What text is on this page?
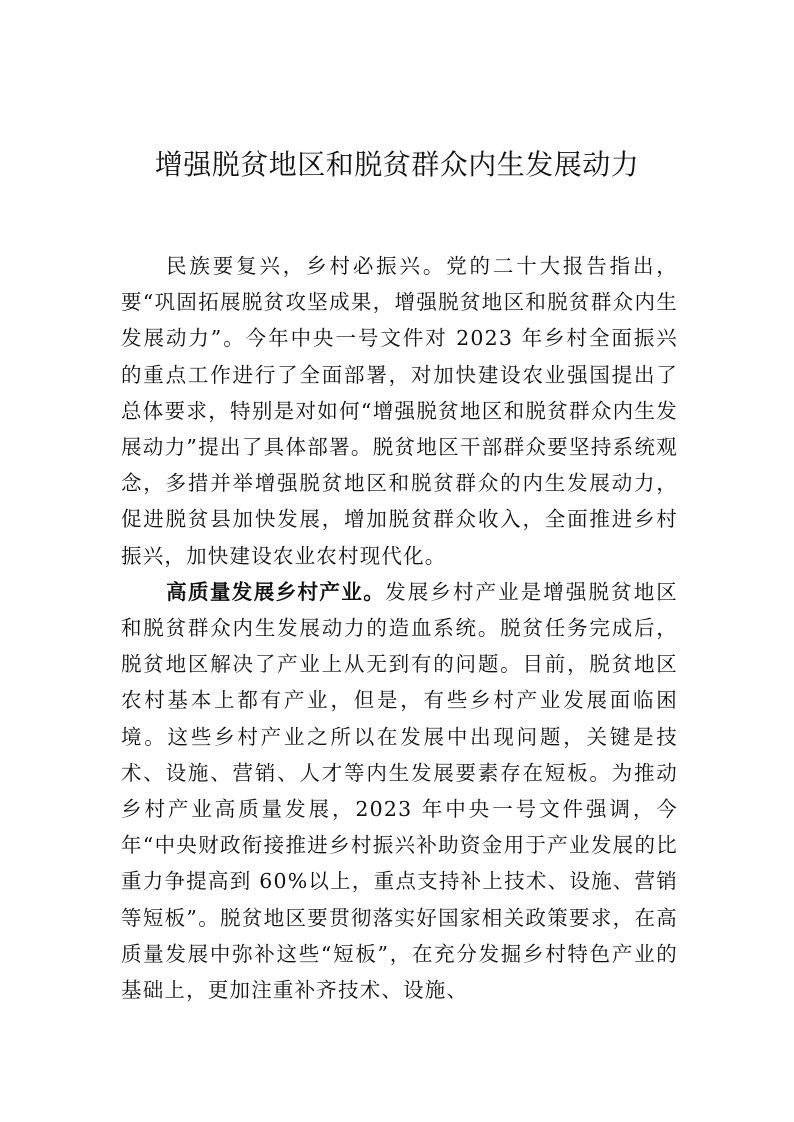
增强脱贫地区和脱贫群众内生发展动力

民族要复兴，乡村必振兴。党的二十大报告指出，要“巩固拓展脱贫攻坚成果，增强脱贫地区和脱贫群众内生发展动力”。今年中央一号文件对 2023 年乡村全面振兴的重点工作进行了全面部署，对加快建设农业强国提出了总体要求，特别是对如何“增强脱贫地区和脱贫群众内生发展动力”提出了具体部署。脱贫地区干部群众要坚持系统观念，多措并举增强脱贫地区和脱贫群众的内生发展动力，促进脱贫县加快发展，增加脱贫群众收入，全面推进乡村振兴，加快建设农业农村现代化。

高质量发展乡村产业。发展乡村产业是增强脱贫地区和脱贫群众内生发展动力的造血系统。脱贫任务完成后，脱贫地区解决了产业上从无到有的问题。目前，脱贫地区农村基本上都有产业，但是，有些乡村产业发展面临困境。这些乡村产业之所以在发展中出现问题，关键是技术、设施、营销、人才等内生发展要素存在短板。为推动乡村产业高质量发展，2023 年中央一号文件强调，今年“中央财政衔接推进乡村振兴补助资金用于产业发展的比重力争提高到 60%以上，重点支持补上技术、设施、营销等短板”。脱贫地区要贯彻落实好国家相关政策要求，在高质量发展中弥补这些“短板”，在充分发掘乡村特色产业的基础上，更加注重补齐技术、设施、
